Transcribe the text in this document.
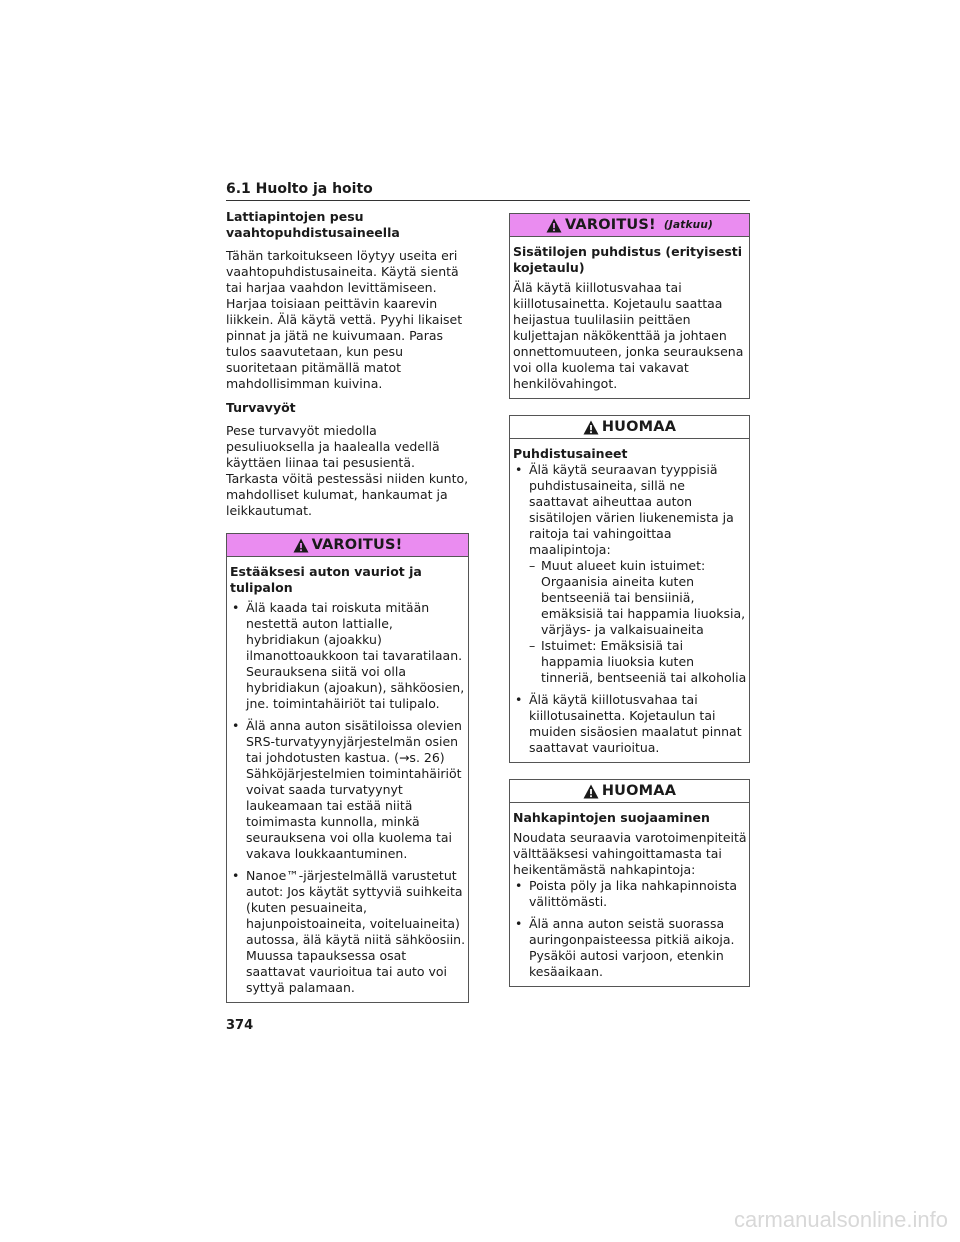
6.1 Huolto ja hoito
Lattiapintojen pesu vaahtopuhdistusaineella
Tähän tarkoitukseen löytyy useita eri vaahtopuhdistusaineita. Käytä sientä tai harjaa vaahdon levittämiseen. Harjaa toisiaan peittävin kaarevin liikkein. Älä käytä vettä. Pyyhi likaiset pinnat ja jätä ne kuivumaan. Paras tulos saavutetaan, kun pesu suoritetaan pitämällä matot mahdollisimman kuivina.
Turvavyöt
Pese turvavyöt miedolla pesuliuoksella ja haalealla vedellä käyttäen liinaa tai pesusientä. Tarkasta vöitä pestessäsi niiden kunto, mahdolliset kulumat, hankaumat ja leikkautumat.
VAROITUS!
Estääksesi auton vauriot ja tulipalon
• Älä kaada tai roiskuta mitään nestettä auton lattialle, hybridiakun (ajoakku) ilmanottoaukkoon tai tavaratilaan. Seurauksena siitä voi olla hybridiakun (ajoakun), sähköosien, jne. toimintahäiriöt tai tulipalo.
• Älä anna auton sisätiloissa olevien SRS-turvatyynyjärjestelmän osien tai johdotusten kastua. (→s. 26) Sähköjärjestelmien toimintahäiriöt voivat saada turvatyynyt laukeamaan tai estää niitä toimimasta kunnolla, minkä seurauksena voi olla kuolema tai vakava loukkaantuminen.
• Nanoe™-järjestelmällä varustetut autot: Jos käytät syttyviä suihkeita (kuten pesuaineita, hajunpoistoaineita, voiteluaineita) autossa, älä käytä niitä sähköosiin. Muussa tapauksessa osat saattavat vaurioitua tai auto voi syttyä palamaan.
VAROITUS! (Jatkuu)
Sisätilojen puhdistus (erityisesti kojetaulu)
Älä käytä kiillotusvahaa tai kiillotusainetta. Kojetaulu saattaa heijastua tuulilasiin peittäen kuljettajan näkökenttää ja johtaen onnettomuuteen, jonka seurauksena voi olla kuolema tai vakavat henkilövahingot.
HUOMAA
Puhdistusaineet
• Älä käytä seuraavan tyyppisiä puhdistusaineita, sillä ne saattavat aiheuttaa auton sisätilojen värien liukenemista ja raitoja tai vahingoittaa maalipintoja:
– Muut alueet kuin istuimet: Orgaanisia aineita kuten bentseeniä tai bensiiniä, emäksisiä tai happamia liuoksia, värjäys- ja valkaisuaineita
– Istuimet: Emäksisiä tai happamia liuoksia kuten tinneriä, bentseeniä tai alkoholia
• Älä käytä kiillotusvahaa tai kiillotusainetta. Kojetaulun tai muiden sisäosien maalatut pinnat saattavat vaurioitua.
HUOMAA
Nahkapintojen suojaaminen
Noudata seuraavia varotoimenpiteitä välttääksesi vahingoittamasta tai heikentämästä nahkapintoja:
• Poista pöly ja lika nahkapinnoista välittömästi.
• Älä anna auton seistä suorassa auringonpaisteessa pitkiä aikoja. Pysäköi autosi varjoon, etenkin kesäaikaan.
374
carmanualsonline.info
